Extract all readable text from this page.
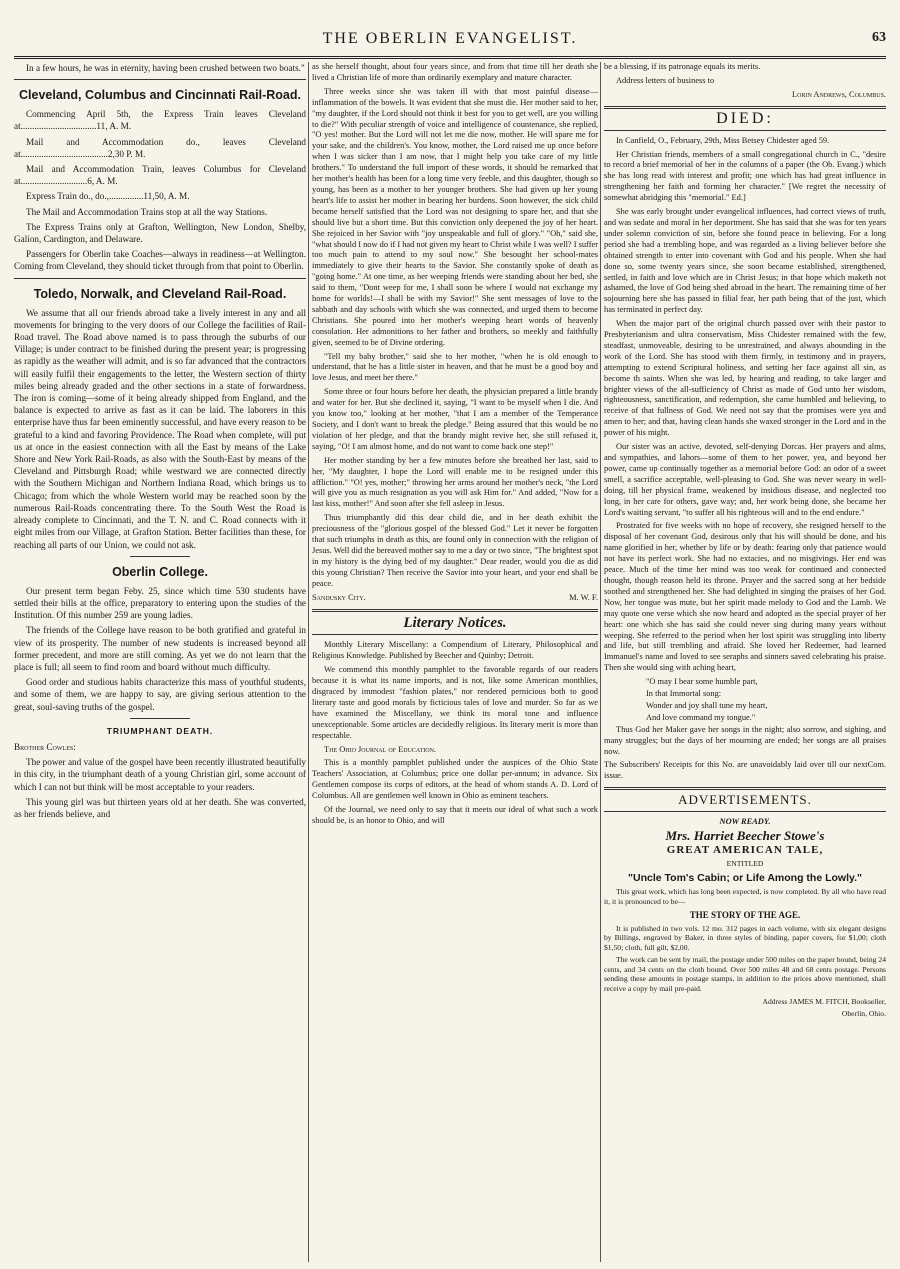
THE OBERLIN EVANGELIST.	63

In a few hours, he was in eternity, having been crushed between two boats."

Cleveland, Columbus and Cincinnati Rail-Road.

Commencing April 5th, the Express Train leaves Cleveland at.................................11, A. M.

Mail and Accommodation do., leaves Cleveland at......................................2,30 P. M.

Mail and Accommodation Train, leaves Columbus for Cleveland at.............................6, A. M.

Express Train do., do.,...............11,50, A. M.

The Mail and Accommodation Trains stop at all the way Stations.

The Express Trains only at Grafton, Wellington, New London, Shelby, Galion, Cardington, and Delaware.

Passengers for Oberlin take Coaches—always in readiness—at Wellington. Coming from Cleveland, they should ticket through from that point to Oberlin.

Toledo, Norwalk, and Cleveland Rail-Road.

We assume that all our friends abroad take a lively interest in any and all movements for bringing to the very doors of our College the facilities of Rail-Road travel. The Road above named is to pass through the suburbs of our Village; is under contract to be finished during the present year; is progressing as rapidly as the weather will admit, and is so far advanced that the contractors will easily fulfil their engagements to the letter, the Western section of thirty miles being already graded and the other sections in a state of forwardness. The iron is coming—some of it being already shipped from England, and the balance is expected to arrive as fast as it can be laid. The laborers in this enterprise have thus far been eminently successful, and have every reason to be grateful to a kind and favoring Providence. The Road when complete, will put us at once in the easiest connection with all the East by means of the Lake Shore and New York Rail-Roads, as also with the South-East by means of the Cleveland and Pittsburgh Road; while westward we are connected directly with the Southern Michigan and Northern Indiana Road, which brings us to Chicago; from which the whole Western world may be reached soon by the numerous Rail-Roads concentrating there. To the South West the Road is already complete to Cincinnati, and the T. N. and C. Road connects with it eight miles from our Village, at Grafton Station. Better facilities than these, for reaching all parts of our Union, we could not ask.

Oberlin College.

Our present term began Feby. 25, since which time 530 students have settled their bills at the office, preparatory to entering upon the studies of the Institution. Of this number 259 are young ladies.

The friends of the College have reason to be both gratified and grateful in view of its prosperity. The number of new students is increased beyond all former precedent, and more are still coming. As yet we do not learn that the place is full; all seem to find room and board without much difficulty.

Good order and studious habits characterize this mass of youthful students, and some of them, we are happy to say, are giving serious attention to the great, soul-saving truths of the gospel.

TRIUMPHANT DEATH.

Brother Cowles:

The power and value of the gospel have been recently illustrated beautifully in this city, in the triumphant death of a young Christian girl, some account of which I can not but think will be most acceptable to your readers.

This young girl was but thirteen years old at her death. She was converted, as her friends believe, and

as she herself thought, about four years since, and from that time till her death she lived a Christian life of more than ordinarily exemplary and mature character.

Three weeks since she was taken ill with that most painful disease—inflammation of the bowels. It was evident that she must die. Her mother said to her, "my daughter, if the Lord should not think it best for you to get well, are you willing to die?" With peculiar strength of voice and intelligence of countenance, she replied, "O yes! mother. But the Lord will not let me die now, mother. He will spare me for your sake, and the children's. You know, mother, the Lord raised me up once before when I was sicker than I am now, that I might help you take care of my little brothers." To understand the full import of these words, it should be remarked that her mother's health has been for a long time very feeble, and this daughter, though so young, has been as a mother to her younger brothers. She had given up her young heart's life to assist her mother in bearing her burdens. Soon however, the sick child became herself satisfied that the Lord was not designing to spare her, and that she should live but a short time. But this conviction only deepened the joy of her heart. She rejoiced in her Savior with "joy unspeakable and full of glory." "Oh," said she, "what should I now do if I had not given my heart to Christ while I was well? I suffer too much pain to attend to my soul now." She besought her school-mates immediately to give their hearts to the Savior. She constantly spoke of death as "going home." At one time, as her weeping friends were standing about her bed, she said to them, "Dont weep for me, I shall soon be where I would not exchange my home for worlds!—I shall be with my Savior!" She sent messages of love to the sabbath and day schools with which she was connected, and urged them to become Christians. She poured into her mother's weeping heart words of heavenly consolation. Her admonitions to her father and brothers, so meekly and faithfully given, seemed to be of Divine ordering.

"Tell my baby brother," said she to her mother, "when he is old enough to understand, that he has a little sister in heaven, and that he must be a good boy and love Jesus, and meet her there."

Some three or four hours before her death, the physician prepared a little brandy and water for her. But she declined it, saying, "I want to be myself when I die. And you know too," looking at her mother, "that I am a member of the Temperance Society, and I don't want to break the pledge." Being assured that this would be no violation of her pledge, and that the brandy might revive her, she still refused it, saying, "O! I am almost home, and do not want to come back one step!"

Her mother standing by her a few minutes before she breathed her last, said to her, "My daughter, I hope the Lord will enable me to be resigned under this affliction." "O! yes, mother;" throwing her arms around her mother's neck, "the Lord will give you as much resignation as you will ask Him for." And added, "Now for a last kiss, mother!" And soon after she fell asleep in Jesus.

Thus triumphantly did this dear child die, and in her death exhibit the preciousness of the "glorious gospel of the blessed God." Let it never be forgotten that such triumphs in death as this, are found only in connection with the religion of Jesus. Well did the bereaved mother say to me a day or two since, "The brightest spot in my history is the dying bed of my daughter." Dear reader, would you die as did this young Christian? Then receive the Savior into your heart, and your end shall be peace.

Sandusky City.	M. W. F.
Literary Notices.

Monthly Literary Miscellany: a Compendium of Literary, Philosophical and Religious Knowledge. Published by Beecher and Quinby; Detroit.

We commend this monthly pamphlet to the favorable regards of our readers because it is what its name imports, and is not, like some American monthlies, disgraced by immodest "fashion plates," nor rendered pernicious both to good literary taste and good morals by ficticious tales of love and murder. So far as we have examined the Miscellany, we think its moral tone and influence unexceptionable. Some articles are decidedly religious. Its literary merit is more than respectable.

The Ohio Journal of Education.

This is a monthly pamphlet published under the auspices of the Ohio State Teachers' Association, at Columbus; price one dollar per-annum; in advance. Six Gentlemen compose its corps of editors, at the head of whom stands A. D. Lord of Columbus. All are gentlemen well known in Ohio as eminent teachers.

Of the Journal, we need only to say that it meets our ideal of what such a work should be, is an honor to Ohio, and will

be a blessing, if its patronage equals its merits.

Address letters of business to

Lorin Andrews, Columbus.

DIED:

In Canfield, O., February, 29th, Miss Betsey Chidester aged 59.

Her Christian friends, members of a small congregational church in C., "desire to record a brief memorial of her in the columns of a paper (the Ob. Evang.) which she has long read with interest and profit; one which has had great influence in strengthening her faith and forming her character." [We regret the necessity of somewhat abridging this "memorial." Ed.]

She was early brought under evangelical influences, had correct views of truth, and was sedate and moral in her deportment. She has said that she was for ten years under solemn conviction of sin, before she found peace in believing. For a long period she had a trembling hope, and was regarded as a living believer before she obtained strength to enter into covenant with God and his people. When she had done so, some twenty years since, she soon became established, strengthened, settled, in faith and love which are in Christ Jesus; in that hope which maketh not ashamed, the love of God being shed abroad in the heart. The remaining time of her sojourning here she has passed in filial fear, her path being that of the just, which has terminated in perfect day.

When the major part of the original church passed over with their pastor to Presbyterianism and ultra conservatism, Miss Chidester remained with the few, steadfast, unmoveable, desiring to be unrestrained, and always abounding in the work of the Lord. She has stood with them firmly, in testimony and in prayers, attempting to extend Scriptural holiness, and setting her face against all sin, as become th saints. When she was led, by hearing and reading, to take larger and brighter views of the all-sufficiency of Christ as made of God unto her wisdom, righteousness, sanctification, and redemption, she came humbled and believing, to receive of that fullness of God. We need not say that the promises were yea and amen to her; and that, having clean hands she waxed stronger in the Lord and in the power of his might.

Our sister was an active, devoted, self-denying Dorcas. Her prayers and alms, and sympathies, and labors—some of them to her power, yea, and beyond her power, came up continually together as a memorial before God: an odor of a sweet smell, a sacrifice acceptable, well-pleasing to God. She was never weary in well-doing, till her physical frame, weakened by insidious disease, and neglected too long, in her care for others, gave way; and, her work being done, she became her Lord's waiting servant, "to suffer all his righteous will and to the end endure."

Prostrated for five weeks with no hope of recovery, she resigned herself to the disposal of her covenant God, desirous only that his will should be done, and his name glorified in her, whether by life or by death: fearing only that patience would not have its perfect work. She had no extacies, and no misgivings. Her end was peace. Much of the time her mind was too weak for continued and connected thought, though reason held its throne. Prayer and the sacred song at her bedside soothed and strengthened her. She had delighted in singing the praises of her God. Now, her tongue was mute, but her spirit made melody to God and the Lamb. We may quote one verse which she now heard and adopted as the special prayer of her heart: one which she has said she could never sing during many years without weeping. She referred to the period when her lost spirit was struggling into liberty and life, but still trembling and afraid. She loved her Redeemer, had learned Immanuel's name and loved to see seraphs and sinners saved celebrating his praise. Then she would sing with aching heart,

"O may I bear some humble part,

In that Immortal song:

Wonder and joy shall tune my heart,

And love command my tongue."

Thus God her Maker gave her songs in the night; also sorrow, and sighing, and many struggles; but the days of her mourning are ended; her songs are all praises now.

The Subscribers' Receipts for this No. are unavoidably laid over till our next issue.
Com.
ADVERTISEMENTS.

NOW READY.

Mrs. Harriet Beecher Stowe's

GREAT AMERICAN TALE,

ENTITLED

"Uncle Tom's Cabin; or Life Among the Lowly."

This great work, which has long been expected, is now completed. By all who have read it, it is pronounced to be—

THE STORY OF THE AGE.

It is published in two vols. 12 mo. 312 pages in each volume, with six elegant designs by Billings, engraved by Baker, in three styles of binding, paper covers, for $1,00; cloth $1,50; cloth, full gilt, $2,00.

The work can be sent by mail, the postage under 500 miles on the paper bound, being 24 cents, and 34 cents on the cloth bound. Over 500 miles 48 and 68 cents postage. Persons sending these amounts in postage stamps, in addition to the prices above mentioned, shall receive a copy by mail pre-paid.

Address JAMES M. FITCH, Bookseller,

Oberlin, Ohio.
